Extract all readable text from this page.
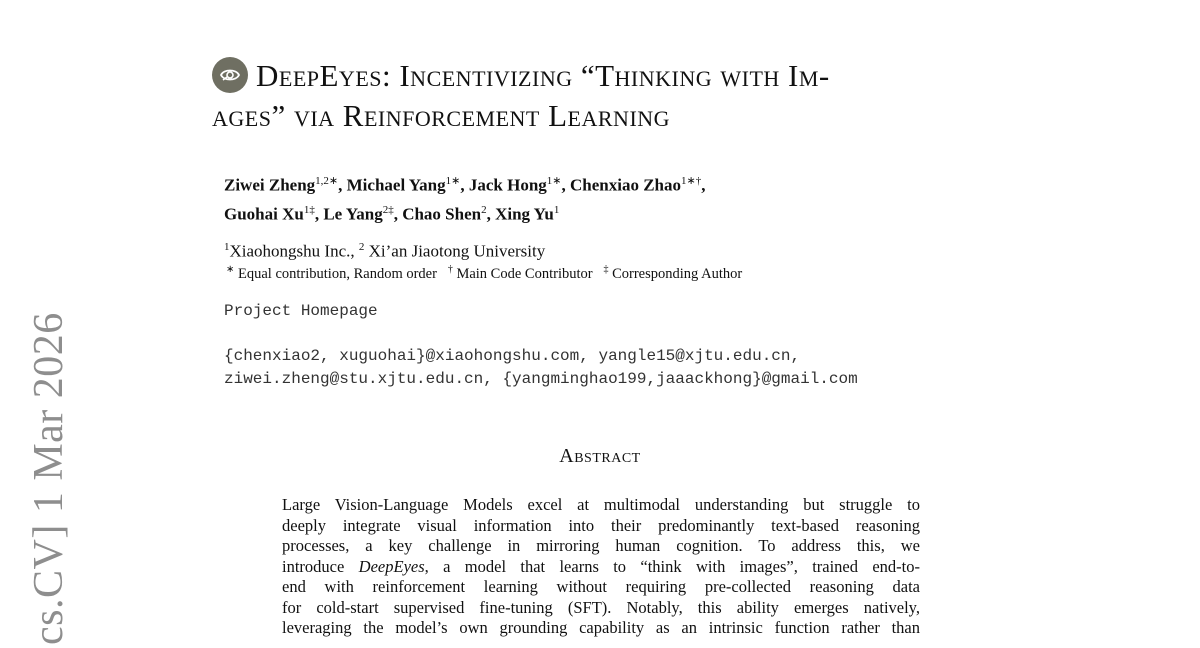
cs.CV] 1 Mar 2026
DeepEyes: Incentivizing “Thinking with Im-
ages” via Reinforcement Learning
Ziwei Zheng$^{1,2∗}$, Michael Yang$^{1∗}$, Jack Hong$^{1∗}$, Chenxiao Zhao$^{1∗\dagger}$,
Guohai $Xu^{1\ddagger}$, Le Yang$^{2\ddagger}$, Chao Shen$^2$, Xing Yu$^1$
$^1$Xiaohongshu Inc., $^2$ Xi’an Jiaotong University
∗ Equal contribution, Random order † Main Code Contributor ‡ Corresponding Author
Project Homepage
{chenxiao2, xuguohai}@xiaohongshu.com, yangle15@xjtu.edu.cn,
ziwei.zheng@stu.xjtu.edu.cn, {yangminghao199,jaaackhong}@gmail.com
Abstract
Large Vision-Language Models excel at multimodal understanding but struggle to
deeply integrate visual information into their predominantly text-based reasoning
processes, a key challenge in mirroring human cognition. To address this, we
introduce DeepEyes, a model that learns to “think with images”, trained end-to-
end with reinforcement learning without requiring pre-collected reasoning data
for cold-start supervised fine-tuning (SFT). Notably, this ability emerges natively,
leveraging the model’s own grounding capability as an intrinsic function rather than
